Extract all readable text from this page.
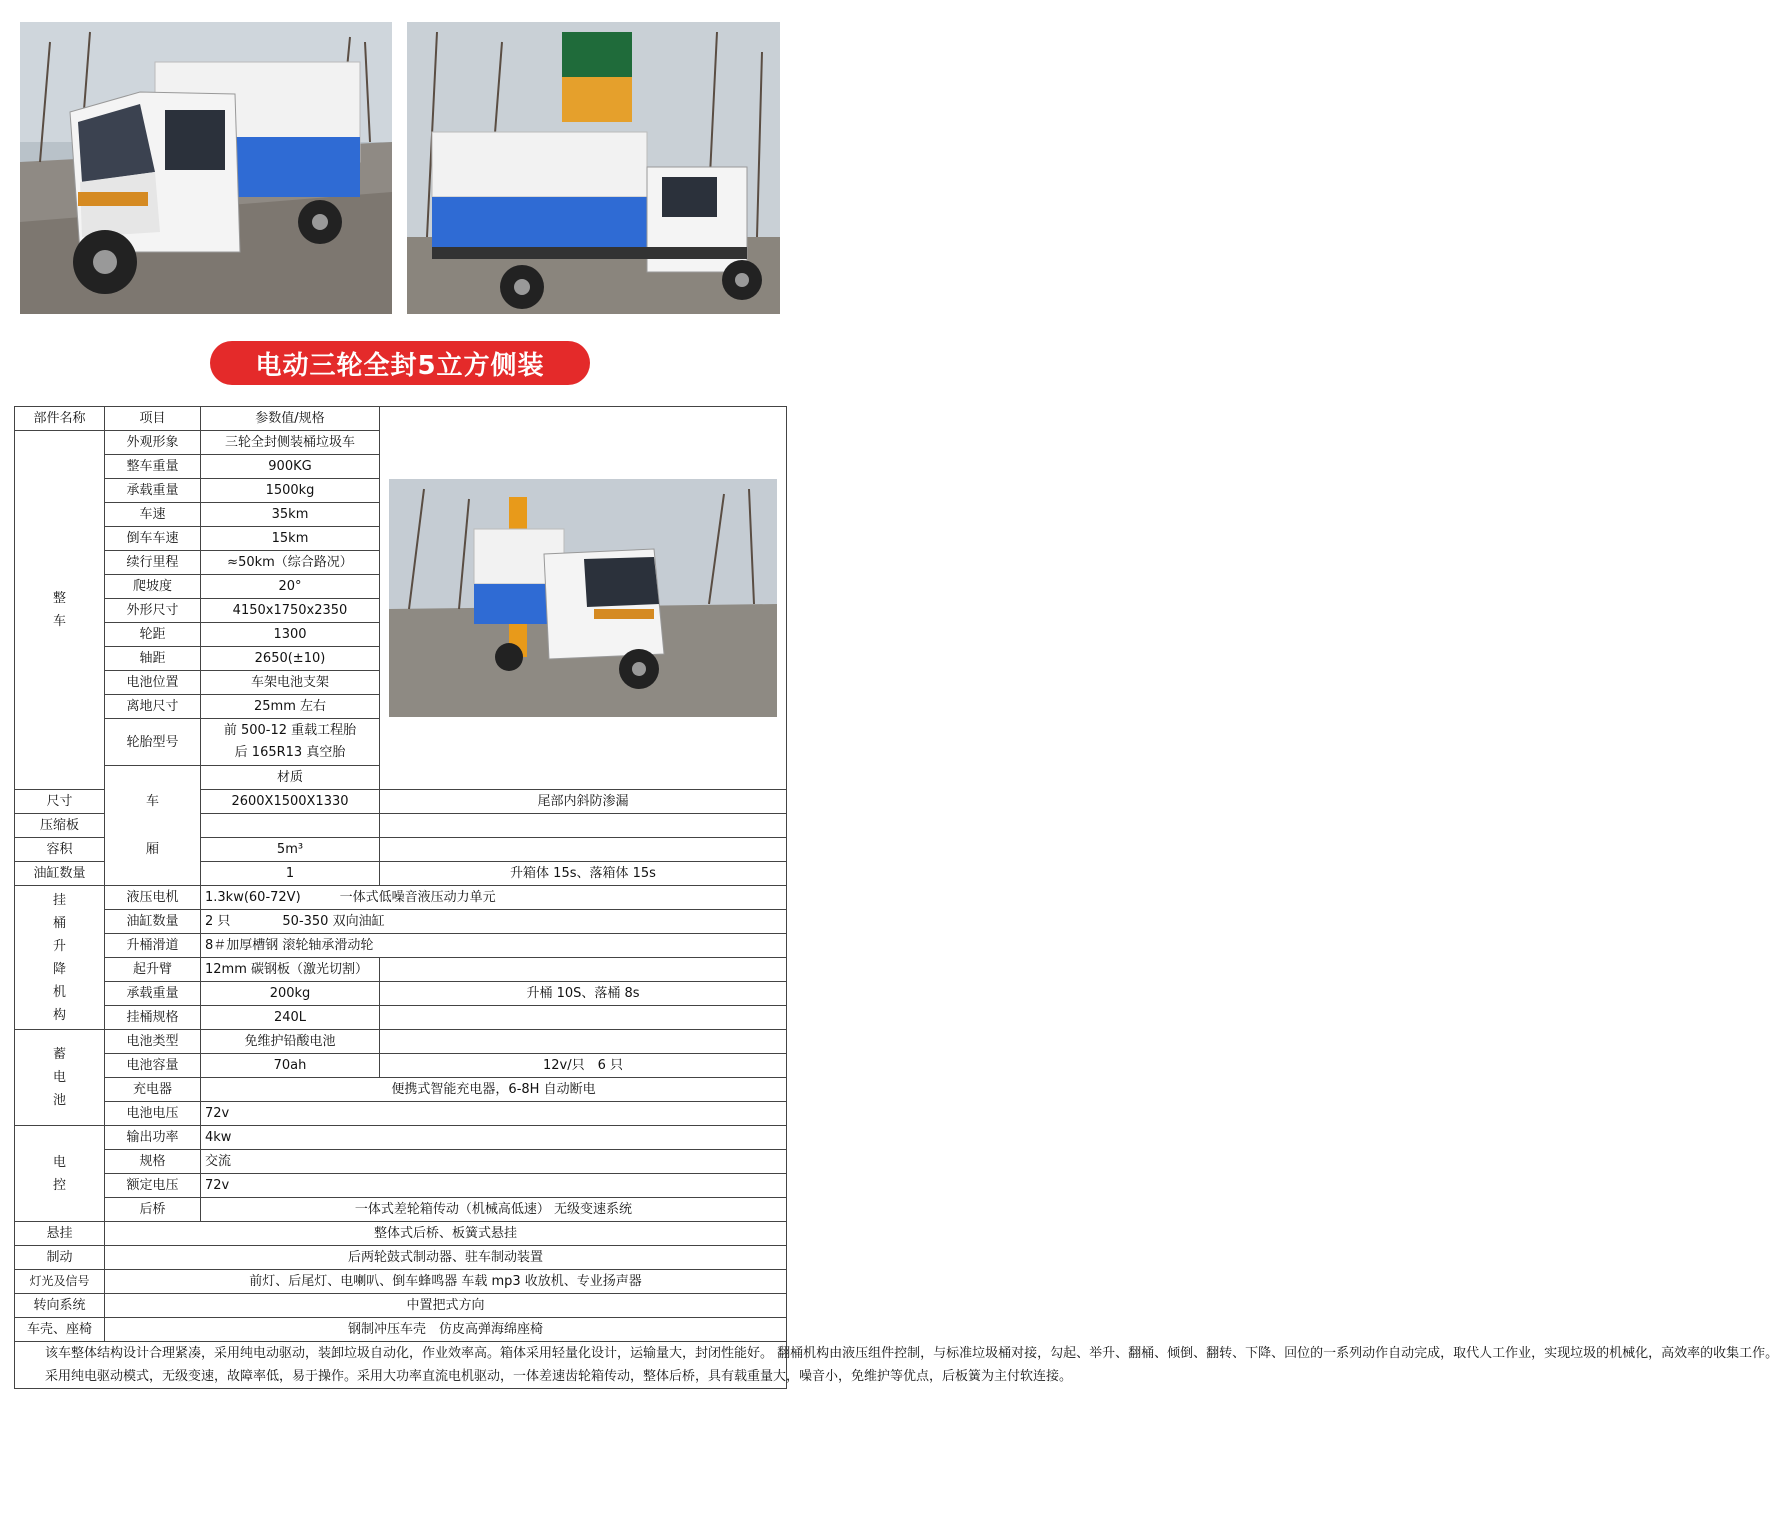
电动三轮全封5立方侧装
部件名称	项目	参数值/规格	

整车	外观形象	三轮全封侧装桶垃圾车		
	整车重量	900KG		
	承载重量	1500kg		
	车速	35km		
	倒车车速	15km		
	续行里程	≈50km（综合路况）		
	爬坡度	20°		
	外形尺寸	4150x1750x2350		
	轮距	1300		
	轴距	2650(±10)		
	电池位置	车架电池支架		
	离地尺寸	25mm 左右		
	轮胎型号	前 500-12 重载工程胎
后 165R13 真空胎		

	车厢	材质		
尺寸		2600X1500X1330	尾部内斜防渗漏	
压缩板				
容积		5m³		
油缸数量		1	升箱体 15s、落箱体 15s	
挂桶升降机构	液压电机	1.3kw(60-72V)　　　一体式低噪音液压动力单元		
	油缸数量	2 只　　　　50-350 双向油缸		
	升桶滑道	8＃加厚槽钢 滚轮轴承滑动轮		
	起升臂	12mm 碳钢板（激光切割）		
	承载重量	200kg	升桶 10S、落桶 8s	
	挂桶规格	240L		
蓄电池	电池类型	免维护铅酸电池		
	电池容量	70ah	12v/只　6 只	
	充电器	便携式智能充电器，6-8H 自动断电		
	电池电压	72v		
电控	输出功率	4kw		
	规格	交流		
	额定电压	72v		
	后桥	一体式差轮箱传动（机械高低速） 无级变速系统		
悬挂	整体式后桥、板簧式悬挂			
制动	后两轮鼓式制动器、驻车制动装置			
灯光及信号	前灯、后尾灯、电喇叭、倒车蜂鸣器 车载 mp3 收放机、专业扬声器			
转向系统	中置把式方向			
车壳、座椅	钢制冲压车壳　仿皮高弹海绵座椅			

该车整体结构设计合理紧凑，采用纯电动驱动，装卸垃圾自动化，作业效率高。箱体采用轻量化设计，运输量大，封闭性能好。 翻桶机构由液压组件控制，与标准垃圾桶对接，勾起、举升、翻桶、倾倒、翻转、下降、回位的一系列动作自动完成，取代人工作业，实现垃圾的机械化，高效率的收集工作。

采用纯电驱动模式，无级变速，故障率低，易于操作。采用大功率直流电机驱动，一体差速齿轮箱传动，整体后桥，具有载重量大，噪音小，免维护等优点，后板簧为主付软连接。				
